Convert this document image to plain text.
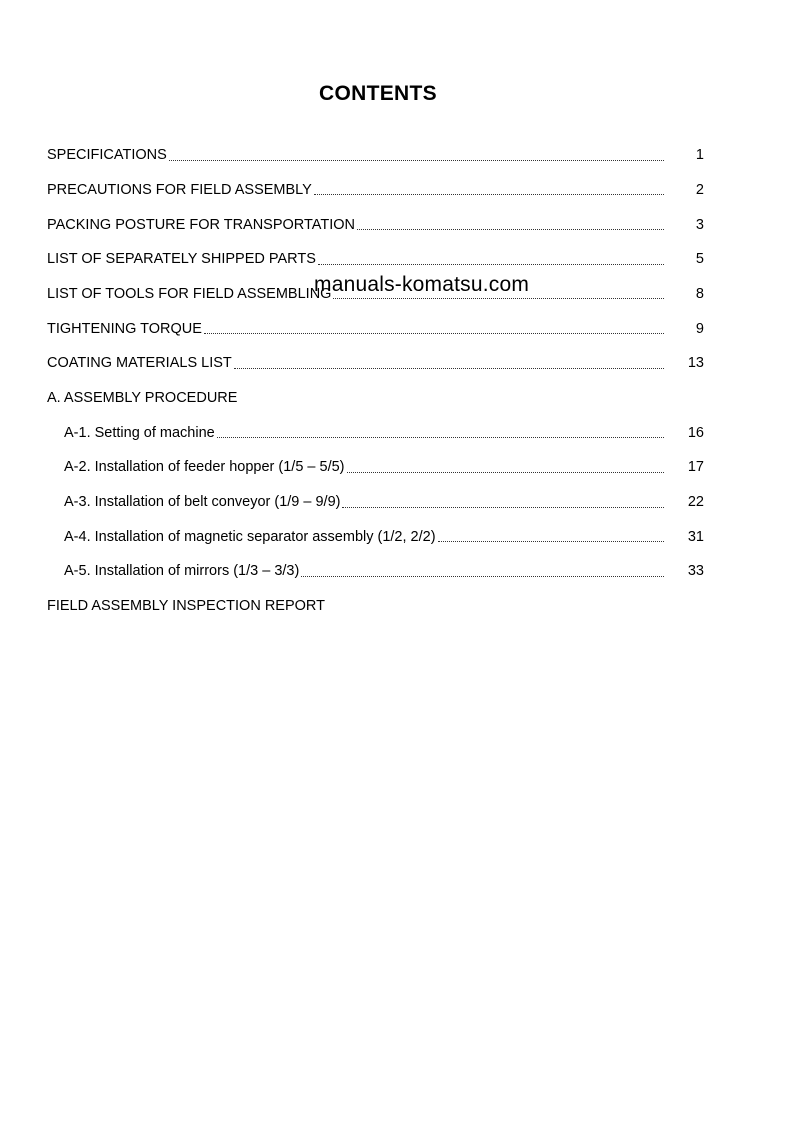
CONTENTS
SPECIFICATIONS	1
PRECAUTIONS FOR FIELD ASSEMBLY	2
PACKING POSTURE FOR TRANSPORTATION	3
LIST OF SEPARATELY SHIPPED PARTS	5
LIST OF TOOLS FOR FIELD ASSEMBLING	8
TIGHTENING TORQUE	9
COATING MATERIALS LIST	13
A. ASSEMBLY PROCEDURE
A-1. Setting of machine	16
A-2. Installation of feeder hopper (1/5 – 5/5)	17
A-3. Installation of belt conveyor (1/9 – 9/9)	22
A-4. Installation of magnetic separator assembly (1/2, 2/2)	31
A-5. Installation of mirrors (1/3 – 3/3)	33
FIELD ASSEMBLY INSPECTION REPORT
manuals-komatsu.com
